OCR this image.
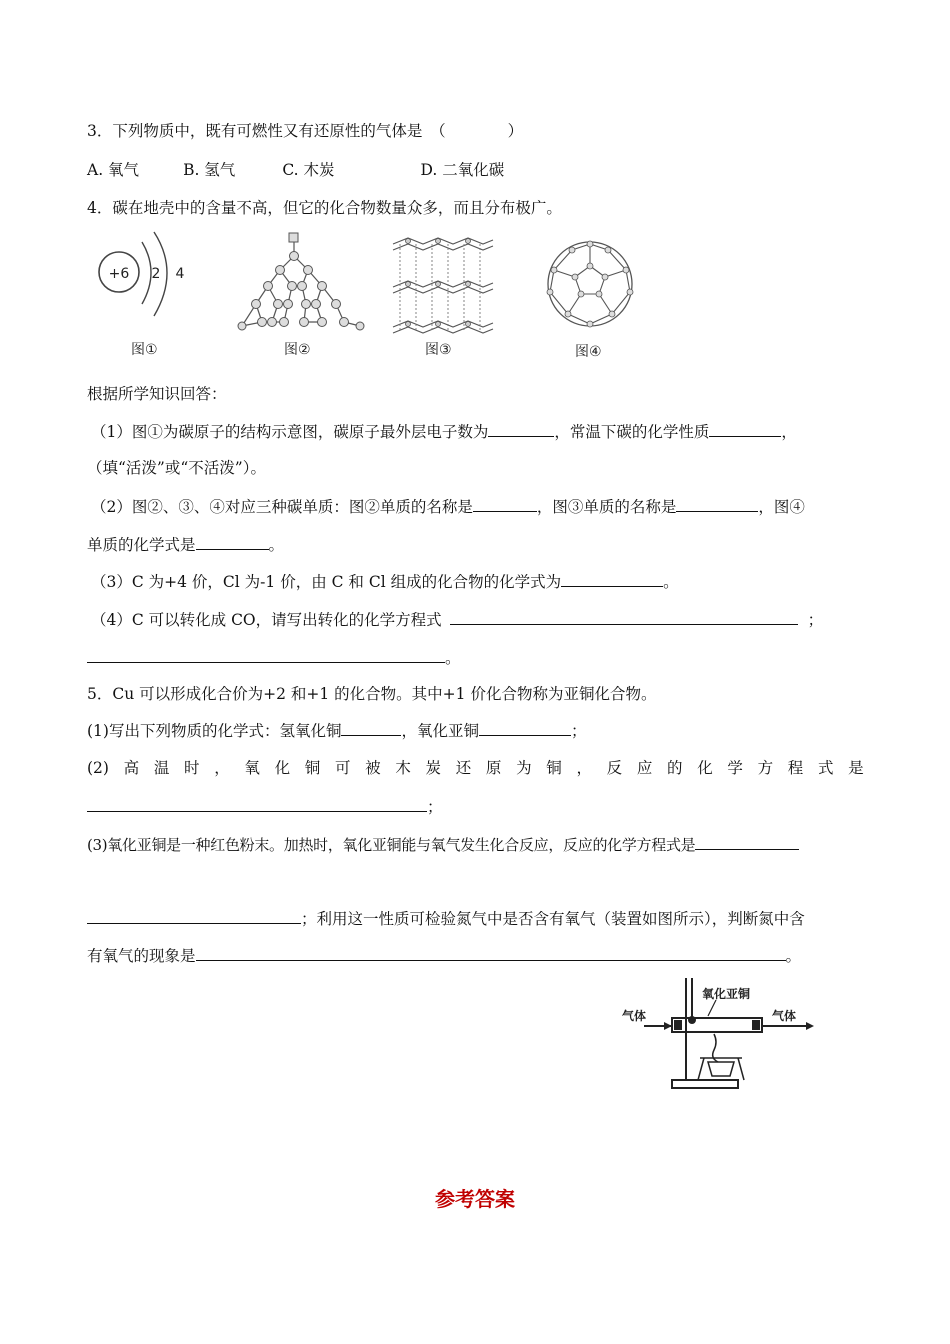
3．下列物质中，既有可燃性又有还原性的气体是　（　　　　）
A. 氧气	B. 氢气	C. 木炭	D. 二氧化碳
4．碳在地壳中的含量不高，但它的化合物数量众多，而且分布极广。
+6 2 4
图①	图②	图③	图④
根据所学知识回答：
（1）图①为碳原子的结构示意图，碳原子最外层电子数为	，常温下碳的化学性质	，
（填“活泼”或“不活泼”）。
（2）图②、③、④对应三种碳单质：图②单质的名称是	，图③单质的名称是	，图④
单质的化学式是	。
（3）C 为+4 价，Cl 为-1 价，由 C 和 Cl 组成的化合物的化学式为	。
（4）C 可以转化成 CO，请写出转化的化学方程式	；
。
5．Cu 可以形成化合价为+2 和+1 的化合物。其中+1 价化合物称为亚铜化合物。
(1)写出下列物质的化学式：氢氧化铜	，氧化亚铜	；
(2) 高 温 时 ， 氧 化 铜 可 被 木 炭 还 原 为 铜 ， 反 应 的 化 学 方 程 式 是
；
(3)氧化亚铜是一种红色粉末。加热时，氧化亚铜能与氧气发生化合反应，反应的化学方程式是
；利用这一性质可检验氮气中是否含有氧气（装置如图所示），判断氮中含
有氧气的现象是	。
氧化亚铜
气体	气体
参考答案
